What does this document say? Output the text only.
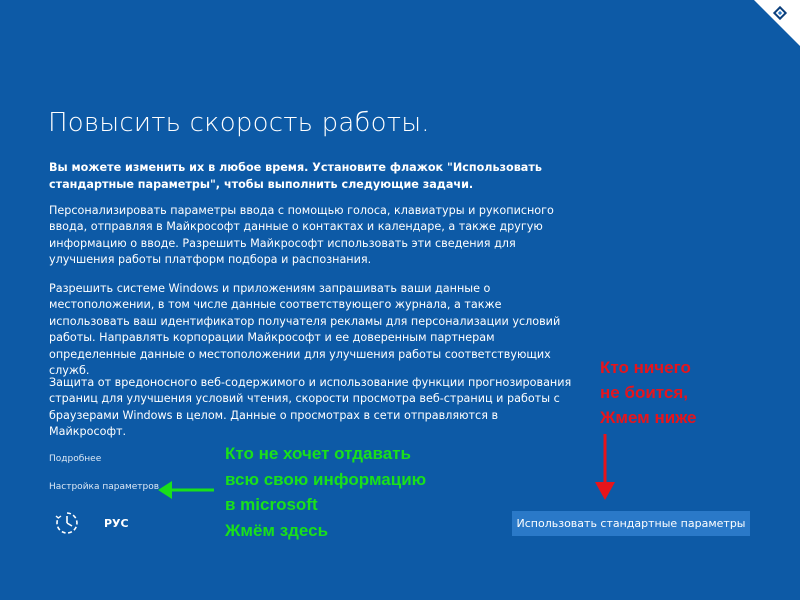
Повысить скорость работы.
Вы можете изменить их в любое время. Установите флажок "Использовать стандартные параметры", чтобы выполнить следующие задачи.
Персонализировать параметры ввода с помощью голоса, клавиатуры и рукописного ввода, отправляя в Майкрософт данные о контактах и календаре, а также другую информацию о вводе. Разрешить Майкрософт использовать эти сведения для улучшения работы платформ подбора и распознания.
Разрешить системе Windows и приложениям запрашивать ваши данные о местоположении, в том числе данные соответствующего журнала, а также использовать ваш идентификатор получателя рекламы для персонализации условий работы. Направлять корпорации Майкрософт и ее доверенным партнерам определенные данные о местоположении для улучшения работы соответствующих служб.
Защита от вредоносного веб-содержимого и использование функции прогнозирования страниц для улучшения условий чтения, скорости просмотра веб-страниц и работы с браузерами Windows в целом. Данные о просмотрах в сети отправляются в Майкрософт.
Подробнее
Настройка параметров
РУС	Использовать стандартные параметры
Кто ничего
не боится,
Жмем ниже
Кто не хочет отдавать
всю свою информацию
в microsoft
Жмём здесь
